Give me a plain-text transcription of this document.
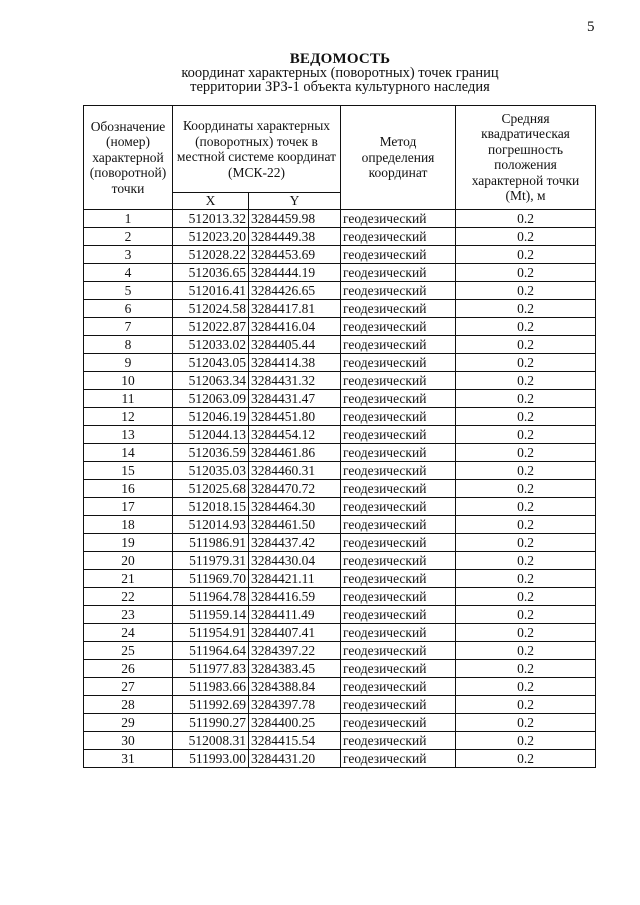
5
ВЕДОМОСТЬ
координат характерных (поворотных) точек границ
территории ЗРЗ-1 объекта культурного наследия
Обозначение (номер) характерной (поворотной) точки	Координаты характерных (поворотных) точек в местной системе координат (МСК-22)		Метод определения координат	Средняя квадратическая погрешность положения характерной точки (Mt), м
	X	Y		
1	512013.32	3284459.98	геодезический	0.2
2	512023.20	3284449.38	геодезический	0.2
3	512028.22	3284453.69	геодезический	0.2
4	512036.65	3284444.19	геодезический	0.2
5	512016.41	3284426.65	геодезический	0.2
6	512024.58	3284417.81	геодезический	0.2
7	512022.87	3284416.04	геодезический	0.2
8	512033.02	3284405.44	геодезический	0.2
9	512043.05	3284414.38	геодезический	0.2
10	512063.34	3284431.32	геодезический	0.2
11	512063.09	3284431.47	геодезический	0.2
12	512046.19	3284451.80	геодезический	0.2
13	512044.13	3284454.12	геодезический	0.2
14	512036.59	3284461.86	геодезический	0.2
15	512035.03	3284460.31	геодезический	0.2
16	512025.68	3284470.72	геодезический	0.2
17	512018.15	3284464.30	геодезический	0.2
18	512014.93	3284461.50	геодезический	0.2
19	511986.91	3284437.42	геодезический	0.2
20	511979.31	3284430.04	геодезический	0.2
21	511969.70	3284421.11	геодезический	0.2
22	511964.78	3284416.59	геодезический	0.2
23	511959.14	3284411.49	геодезический	0.2
24	511954.91	3284407.41	геодезический	0.2
25	511964.64	3284397.22	геодезический	0.2
26	511977.83	3284383.45	геодезический	0.2
27	511983.66	3284388.84	геодезический	0.2
28	511992.69	3284397.78	геодезический	0.2
29	511990.27	3284400.25	геодезический	0.2
30	512008.31	3284415.54	геодезический	0.2
31	511993.00	3284431.20	геодезический	0.2
